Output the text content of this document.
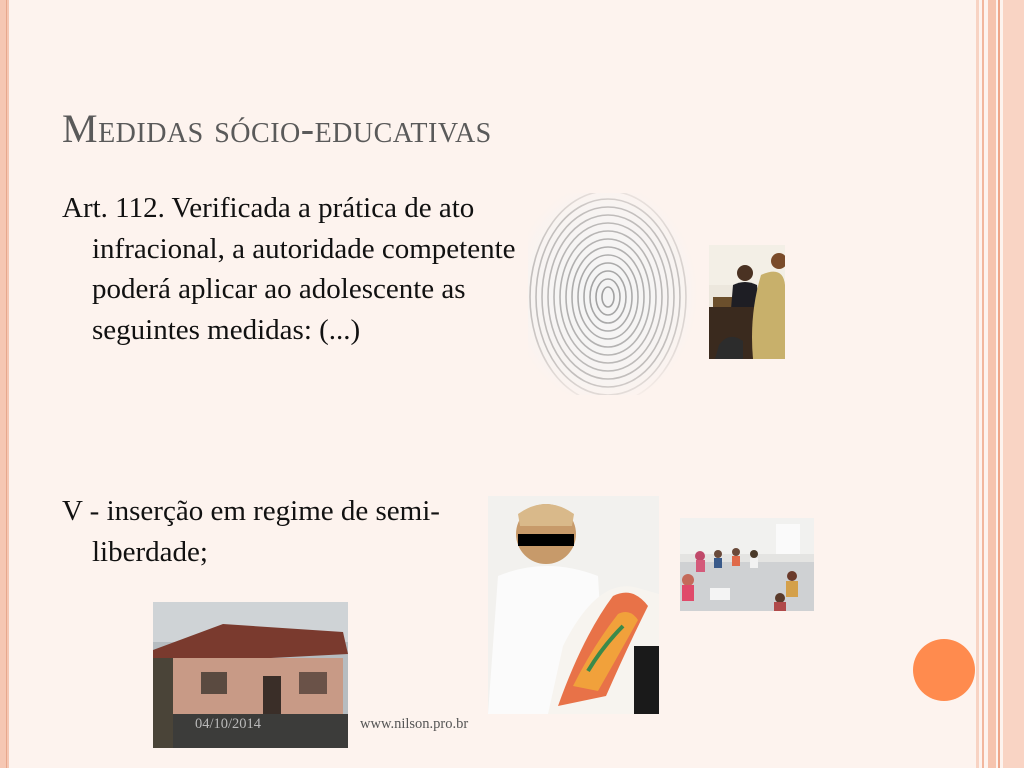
Medidas sócio-educativas

Art. 112. Verificada a prática de ato infracional, a autoridade competente poderá aplicar ao adolescente as seguintes medidas: (...)

V - inserção em regime de semi-liberdade;

04/10/2014	www.nilson.pro.br
